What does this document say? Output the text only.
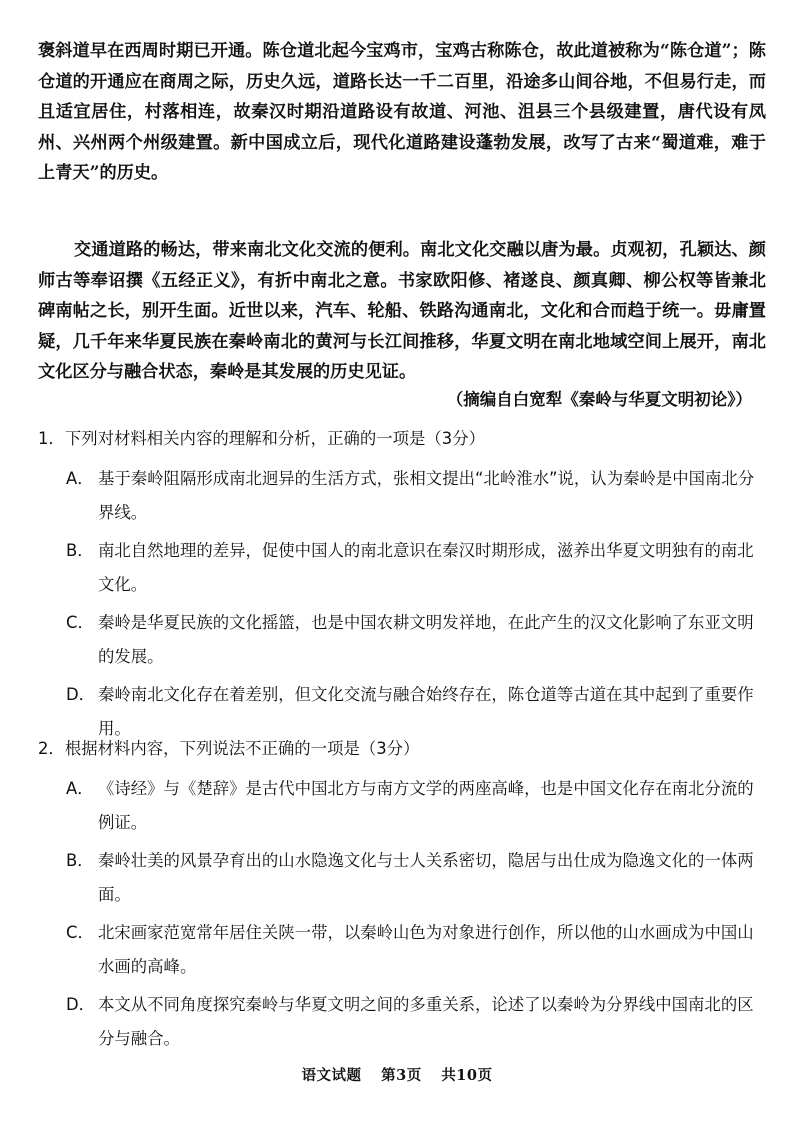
褒斜道早在西周时期已开通。陈仓道北起今宝鸡市，宝鸡古称陈仓，故此道被称为“陈仓道”；陈仓道的开通应在商周之际，历史久远，道路长达一千二百里，沿途多山间谷地，不但易行走，而且适宜居住，村落相连，故秦汉时期沿道路设有故道、河池、沮县三个县级建置，唐代设有凤州、兴州两个州级建置。新中国成立后，现代化道路建设蓬勃发展，改写了古来“蜀道难，难于上青天”的历史。

交通道路的畅达，带来南北文化交流的便利。南北文化交融以唐为最。贞观初，孔颖达、颜师古等奉诏撰《五经正义》，有折中南北之意。书家欧阳修、褚遂良、颜真卿、柳公权等皆兼北碑南帖之长，别开生面。近世以来，汽车、轮船、铁路沟通南北，文化和合而趋于统一。毋庸置疑，几千年来华夏民族在秦岭南北的黄河与长江间推移，华夏文明在南北地域空间上展开，南北文化区分与融合状态，秦岭是其发展的历史见证。

（摘编自白宽犁《秦岭与华夏文明初论》）

1．下列对材料相关内容的理解和分析，正确的一项是（3分）

A． 基于秦岭阻隔形成南北迥异的生活方式，张相文提出“北岭淮水”说，认为秦岭是中国南北分界线。
B． 南北自然地理的差异，促使中国人的南北意识在秦汉时期形成，滋养出华夏文明独有的南北文化。
C． 秦岭是华夏民族的文化摇篮，也是中国农耕文明发祥地，在此产生的汉文化影响了东亚文明的发展。
D． 秦岭南北文化存在着差别，但文化交流与融合始终存在，陈仓道等古道在其中起到了重要作用。

2．根据材料内容，下列说法不正确的一项是（3分）

A． 《诗经》与《楚辞》是古代中国北方与南方文学的两座高峰，也是中国文化存在南北分流的例证。
B． 秦岭壮美的风景孕育出的山水隐逸文化与士人关系密切，隐居与出仕成为隐逸文化的一体两面。
C． 北宋画家范宽常年居住关陕一带，以秦岭山色为对象进行创作，所以他的山水画成为中国山水画的高峰。
D． 本文从不同角度探究秦岭与华夏文明之间的多重关系，论述了以秦岭为分界线中国南北的区分与融合。

语文试题 第3页 共10页
